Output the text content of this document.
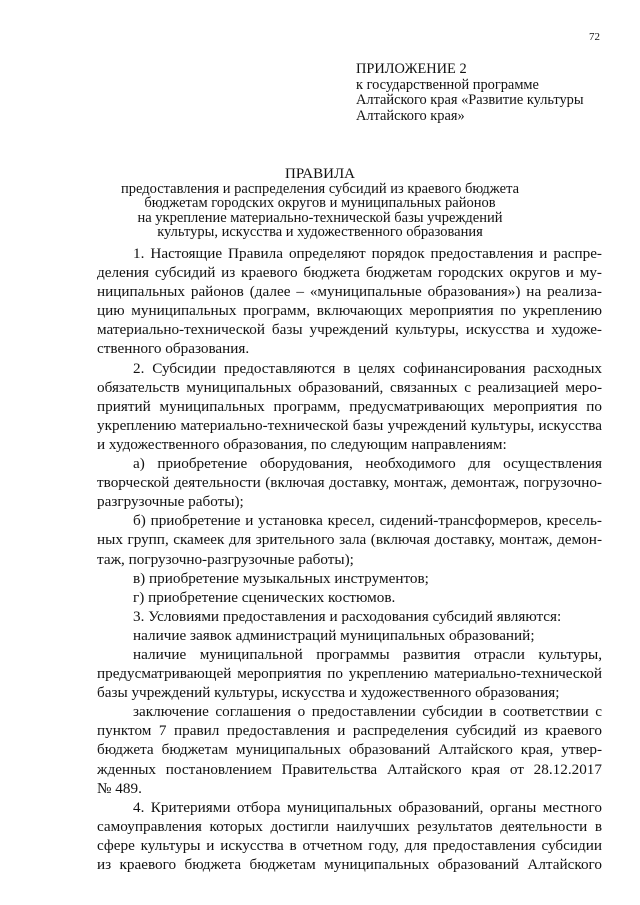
72
ПРИЛОЖЕНИЕ 2
к государственной программе
Алтайского края «Развитие культуры
Алтайского края»
ПРАВИЛА
предоставления и распределения субсидий из краевого бюджета
бюджетам городских округов и муниципальных районов
на укрепление материально-технической базы учреждений
культуры, искусства и художественного образования
1. Настоящие Правила определяют порядок предоставления и распре-
деления субсидий из краевого бюджета бюджетам городских округов и му-
ниципальных районов (далее – «муниципальные образования») на реализа-
цию муниципальных программ, включающих мероприятия по укреплению
материально-технической базы учреждений культуры, искусства и художе-
ственного образования.
2. Субсидии предоставляются в целях софинансирования расходных
обязательств муниципальных образований, связанных с реализацией меро-
приятий муниципальных программ, предусматривающих мероприятия по
укреплению материально-технической базы учреждений культуры, искусства
и художественного образования, по следующим направлениям:
а) приобретение оборудования, необходимого для осуществления
творческой деятельности (включая доставку, монтаж, демонтаж, погрузочно-
разгрузочные работы);
б) приобретение и установка кресел, сидений-трансформеров, кресель-
ных групп, скамеек для зрительного зала (включая доставку, монтаж, демон-
таж, погрузочно-разгрузочные работы);
в) приобретение музыкальных инструментов;
г) приобретение сценических костюмов.
3. Условиями предоставления и расходования субсидий являются:
наличие заявок администраций муниципальных образований;
наличие муниципальной программы развития отрасли культуры,
предусматривающей мероприятия по укреплению материально-технической
базы учреждений культуры, искусства и художественного образования;
заключение соглашения о предоставлении субсидии в соответствии с
пунктом 7 правил предоставления и распределения субсидий из краевого
бюджета бюджетам муниципальных образований Алтайского края, утвер-
жденных постановлением Правительства Алтайского края от 28.12.2017
№ 489.
4. Критериями отбора муниципальных образований, органы местного
самоуправления которых достигли наилучших результатов деятельности в
сфере культуры и искусства в отчетном году, для предоставления субсидии
из краевого бюджета бюджетам муниципальных образований Алтайского
